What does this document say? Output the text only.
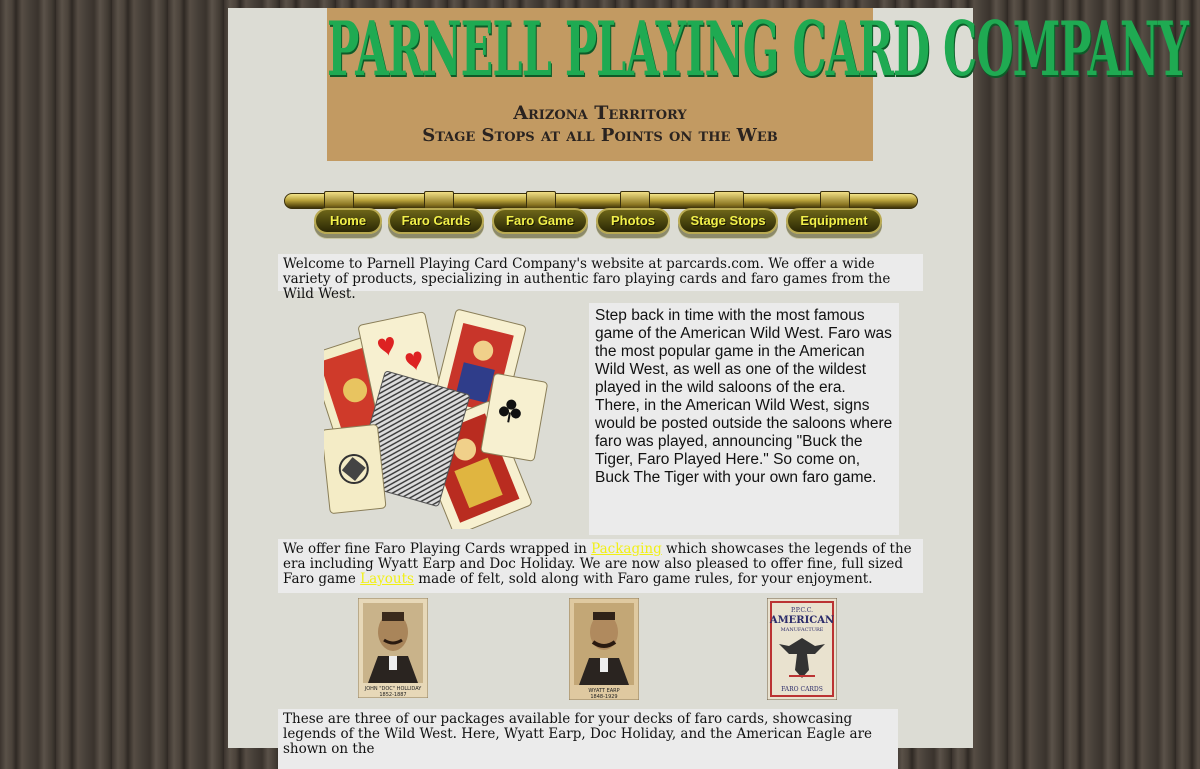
PARNELL PLAYING CARD COMPANY
Arizona Territory
Stage Stops at all Points on the Web
Home	Faro Cards	Faro Game	Photos	Stage Stops	Equipment
Welcome to Parnell Playing Card Company's website at parcards.com. We offer a wide variety of products, specializing in authentic faro playing cards and faro games from the Wild West.
Step back in time with the most famous game of the American Wild West. Faro was the most popular game in the American Wild West, as well as one of the wildest played in the wild saloons of the era. There, in the American Wild West, signs would be posted outside the saloons where faro was played, announcing "Buck the Tiger, Faro Played Here." So come on, Buck The Tiger with your own faro game.
We offer fine Faro Playing Cards wrapped in Packaging which showcases the legends of the era including Wyatt Earp and Doc Holiday. We are now also pleased to offer fine, full sized Faro game Layouts made of felt, sold along with Faro game rules, for your enjoyment.
JOHN "DOC" HOLLIDAY
1852-1887
WYATT EARP
1848-1929
P.P.C.C.
AMERICAN
MANUFACTURE
FARO CARDS
These are three of our packages available for your decks of faro cards, showcasing legends of the Wild West. Here, Wyatt Earp, Doc Holiday, and the American Eagle are shown on the
